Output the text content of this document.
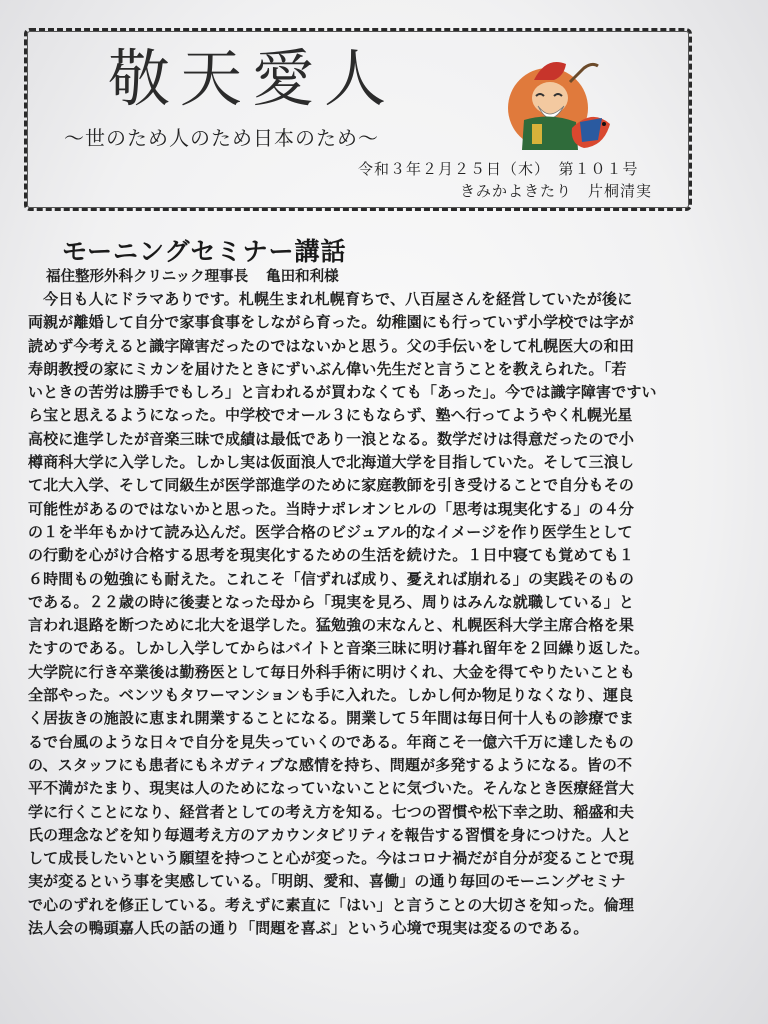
敬天愛人
〜世のため人のため日本のため〜
令和３年２月２５日（木）　第１０１号
きみかよきたり　片桐清実
モーニングセミナー講話
福住整形外科クリニック理事長 亀田和利様

　今日も人にドラマありです。札幌生まれ札幌育ちで、八百屋さんを経営していたが後に
両親が離婚して自分で家事食事をしながら育った。幼稚園にも行っていず小学校では字が
読めず今考えると識字障害だったのではないかと思う。父の手伝いをして札幌医大の和田
寿朗教授の家にミカンを届けたときにずいぶん偉い先生だと言うことを教えられた。「若
いときの苦労は勝手でもしろ」と言われるが買わなくても「あった」。今では識字障害ですい
ら宝と思えるようになった。中学校でオール３にもならず、塾へ行ってようやく札幌光星
高校に進学したが音楽三昧で成績は最低であり一浪となる。数学だけは得意だったので小
樽商科大学に入学した。しかし実は仮面浪人で北海道大学を目指していた。そして三浪し
て北大入学、そして同級生が医学部進学のために家庭教師を引き受けることで自分もその
可能性があるのではないかと思った。当時ナポレオンヒルの「思考は現実化する」の４分
の１を半年もかけて読み込んだ。医学合格のビジュアル的なイメージを作り医学生として
の行動を心がけ合格する思考を現実化するための生活を続けた。１日中寝ても覚めても１
６時間もの勉強にも耐えた。これこそ「信ずれば成り、憂えれば崩れる」の実践そのもの
である。２２歳の時に後妻となった母から「現実を見ろ、周りはみんな就職している」と
言われ退路を断つために北大を退学した。猛勉強の末なんと、札幌医科大学主席合格を果
たすのである。しかし入学してからはバイトと音楽三昧に明け暮れ留年を２回繰り返した。
大学院に行き卒業後は勤務医として毎日外科手術に明けくれ、大金を得てやりたいことも
全部やった。ベンツもタワーマンションも手に入れた。しかし何か物足りなくなり、運良
く居抜きの施設に恵まれ開業することになる。開業して５年間は毎日何十人もの診療でま
るで台風のような日々で自分を見失っていくのである。年商こそ一億六千万に達したもの
の、スタッフにも患者にもネガティブな感情を持ち、問題が多発するようになる。皆の不
平不満がたまり、現実は人のためになっていないことに気づいた。そんなとき医療経営大
学に行くことになり、経営者としての考え方を知る。七つの習慣や松下幸之助、稲盛和夫
氏の理念などを知り毎週考え方のアカウンタビリティを報告する習慣を身につけた。人と
して成長したいという願望を持つこと心が変った。今はコロナ禍だが自分が変ることで現
実が変るという事を実感している。「明朗、愛和、喜働」の通り毎回のモーニングセミナ
で心のずれを修正している。考えずに素直に「はい」と言うことの大切さを知った。倫理
法人会の鴨頭嘉人氏の話の通り「問題を喜ぶ」という心境で現実は変るのである。
